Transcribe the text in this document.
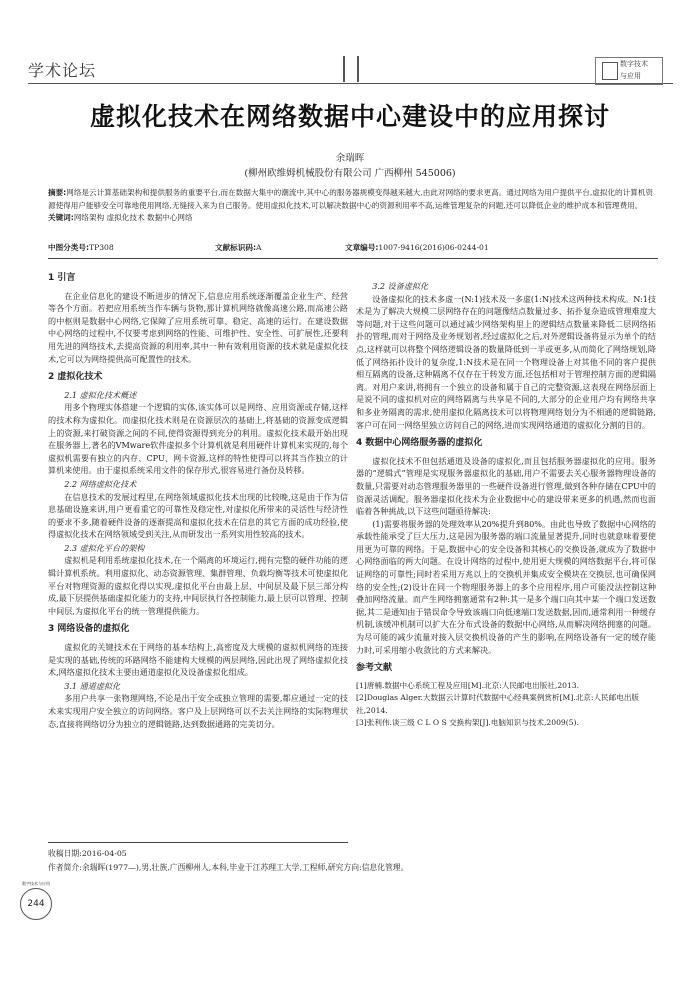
学术论坛	数字技术
与应用
虚拟化技术在网络数据中心建设中的应用探讨
余瑞晖
(柳州欧维姆机械股份有限公司 广西柳州 545006)
摘要:网络是云计算基础架构和提供服务的重要平台,而在数据大集中的潮流中,其中心的服务器规模变得越来越大,由此对网络的要求更高。通过网络为用户提供平台,虚拟化的计算机资源使得用户能够安全可靠地使用网络,无缝接入来为自己服务。使用虚拟化技术,可以解决数据中心的资源利用率不高,运维管理复杂的问题,还可以降低企业的维护成本和管理费用。
关键词:网络架构 虚拟化技术 数据中心网络
中图分类号:TP308	文献标识码:A	文章编号:1007-9416(2016)06-0244-01
1 引言

在企业信息化的建设不断进步的情况下,信息应用系统逐渐覆盖企业生产、经营等各个方面。若把应用系统当作车辆与货物,那计算机网络就像高速公路,而高速公路的中枢则是数据中心网络,它保障了应用系统可靠、稳定、高速的运行。在建设数据中心网络的过程中,不仅要考虑到网络的性能、可维护性、安全性、可扩展性,还要利用先进的网络技术,去提高资源的利用率,其中一种有效利用资源的技术就是虚拟化技术,它可以为网络提供高可配置性的技术。

2 虚拟化技术
2.1 虚拟化技术概述

用多个物理实体搭建一个逻辑的实体,该实体可以是网络、应用资源或存储,这样的技术称为虚拟化。而虚拟化技术则是在资源层次的基础上,将基础的资源变成逻辑上的资源,来打破资源之间的不同,使得资源得到充分的利用。虚拟化技术最开始出现在服务器上,著名的VMware软件虚拟多个计算机就是利用硬件计算机来实现的,每个虚拟机需要有独立的内存、CPU、网卡资源,这样的特性使得可以将其当作独立的计算机来使用。由于虚拟系统采用文件的保存形式,很容易进行备份及转移。

2.2 网络虚拟化技术

在信息技术的发展过程里,在网络领域虚拟化技术出现的比较晚,这是由于作为信息基础设施来讲,用户更看重它的可靠性及稳定性,对虚拟化所带来的灵活性与经济性的要求不多,随着硬件设备的逐渐提高和虚拟化技术在信息的其它方面的成功经验,使得虚拟化技术在网络领域受到关注,从而研发出一系列实用性较高的技术。

2.3 虚拟化平台的架构

虚拟机是利用系统虚拟化技术,在一个隔离的环境运行,拥有完整的硬件功能的逻辑计算机系统。利用虚拟化、动态资源管理、集群管理、负载均衡等技术可使虚拟化平台对物理资源的虚拟化得以实现,虚拟化平台由最上层、中间层及最下层三部分构成,最下层提供基础虚拟化能力的支持,中间层执行各控制能力,最上层可以管理、控制中间层,为虚拟化平台的统一管理提供能力。

3 网络设备的虚拟化

虚拟化的关键技术在于网络的基本结构上,高密度及大规模的虚拟机网络的连接是实现的基础,传统的环路网络不能建构大规模的两层网络,因此出现了网络虚拟化技术,网络虚拟化技术主要由通道虚拟化及设备虚拟化组成。

3.1 通道虚拟化

多用户共享一张物理网络,不论是出于安全或独立管理的需要,都应通过一定的技术来实现用户安全独立的访问网络。客户及上层网络可以不去关注网络的实际物理状态,直接将网络切分为独立的逻辑链路,达到数据通路的完美切分。

3.2 设备虚拟化

设备虚拟化的技术多虚一(N:1)技术及一多虚(1:N)技术这两种技术构成。N:1技术是为了解决大规模二层网络存在的问题像结点数量过多、拓扑复杂造成管理难度大等问题,对于这些问题可以通过减少网络架构里上的逻辑结点数量来降低二层网络拓扑的管理,而对于网络及业务规划者,经过虚拟化之后,对外逻辑设备将显示为单个的结点,这样就可以将整个网络逻辑设备的数量降低到一半或更多,从而简化了网络规划,降低了网络拓扑设计的复杂度,1:N技术是在同一个物理设备上对其他不同的客户提供相互隔离的设备,这种隔离不仅存在于转发方面,还包括相对于管理控制方面的逻辑隔离。对用户来讲,将拥有一个独立的设备和属于自己的完整资源,这表现在网络层面上是说不同的虚拟机对应的网络隔离与共享是不同的,大部分的企业用户均有网络共享和多业务隔离的需求,使用虚拟化隔离技术可以将物理网络划分为不相通的逻辑链路,客户可在同一网络里独立访问自己的网络,进而实现网络通道的虚拟化分割的目的。

4 数据中心网络服务器的虚拟化

虚拟化技术不但包括通道及设备的虚拟化,而且包括服务器虚拟化的应用。服务器的“逻辑式”管理是实现服务器虚拟化的基础,用户不需要去关心服务器物理设备的数量,只需要对动态管理服务器里的一些硬件设备进行管理,做到各种存储在CPU中的资源灵活调配。服务器虚拟化技术为企业数据中心的建设带来更多的机遇,然而也面临着各种挑战,以下这些问题亟待解决:

(1)需要将服务器的处理效率从20%提升到80%。由此也导致了数据中心网络的承载性能承受了巨大压力,这是因为服务器的端口流量显著提升,同时也就意味着要使用更为可靠的网络。于是,数据中心的安全设备和其核心的交换设备,就成为了数据中心网络面临的两大问题。在设计网络的过程中,使用更大规模的网络数据平台,将可保证网络的可靠性;同时若采用万兆以上的交换机并集成安全模块在交换层,也可确保网络的安全性;(2)设计在同一个物理服务器上的多个应用程序,用户可能没法控制这种叠加网络流量。而产生网络拥塞通常有2种:其一是多个端口向其中某一个端口发送数据,其二是通知由于错误命令导致该端口向低速端口发送数据,因而,通常利用一种缓存机制,该缓冲机制可以扩大在分布式设备的数据中心网络,从而解决网络拥塞的问题。为尽可能的减少流量对接入层交换机设备的产生的影响,在网络设备有一定的缓存能力时,可采用缩小收敛比的方式来解决。

参考文献
[1]唐楠.数据中心系统工程及应用[M].北京:人民邮电出版社,2013.
[2]Douglas Alger.大数据云计算时代数据中心经典案例赏析[M].北京:人民邮电出版社,2014.
[3]张利伟.谈三级 C L O S 交换构架[J].电脑知识与技术,2009(5).
收稿日期:2016-04-05
作者简介:余瑞晖(1977—),男,壮族,广西柳州人,本科,毕业于江苏理工大学,工程师,研究方向:信息化管理。
数字技术与应用
244
